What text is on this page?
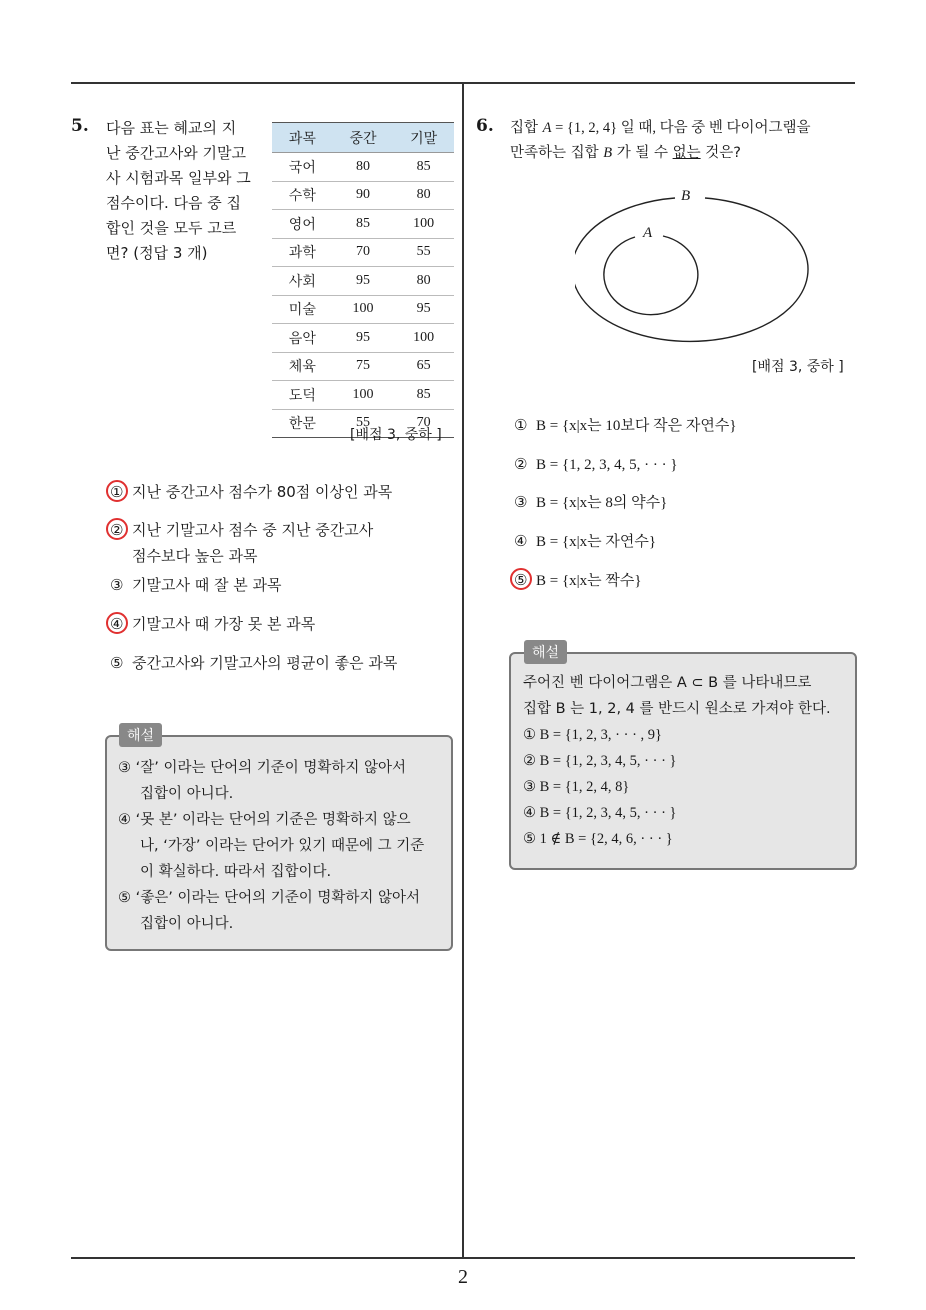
5. 다음 표는 혜교의 지
난 중간고사와 기말고
사 시험과목 일부와 그
점수이다. 다음 중 집
합인 것을 모두 고르
면? (정답 3 개)
과목	중간	기말
국어	80	85
수학	90	80
영어	85	100
과학	70	55
사회	95	80
미술	100	95
음악	95	100
체육	75	65
도덕	100	85
한문	55	70
[배점 3, 중하 ]
① 지난 중간고사 점수가 80점 이상인 과목
② 지난 기말고사 점수 중 지난 중간고사
점수보다 높은 과목
③ 기말고사 때 잘 본 과목
④ 기말고사 때 가장 못 본 과목
⑤ 중간고사와 기말고사의 평균이 좋은 과목
해설
③ ‘잘’ 이라는 단어의 기준이 명확하지 않아서
집합이 아니다.
④ ‘못 본’ 이라는 단어의 기준은 명확하지 않으
나, ‘가장’ 이라는 단어가 있기 때문에 그 기준
이 확실하다. 따라서 집합이다.
⑤ ‘좋은’ 이라는 단어의 기준이 명확하지 않아서
집합이 아니다.
6. 집합 A = {1, 2, 4} 일 때, 다음 중 벤 다이어그램을
만족하는 집합 B 가 될 수 없는 것은?
B
A
[배점 3, 중하 ]
① B = {x|x는 10보다 작은 자연수}
② B = {1, 2, 3, 4, 5, · · · }
③ B = {x|x는 8의 약수}
④ B = {x|x는 자연수}
⑤ B = {x|x는 짝수}
해설
주어진 벤 다이어그램은 A ⊂ B 를 나타내므로
집합 B 는 1, 2, 4 를 반드시 원소로 가져야 한다.
① B = {1, 2, 3, · · · , 9}
② B = {1, 2, 3, 4, 5, · · · }
③ B = {1, 2, 4, 8}
④ B = {1, 2, 3, 4, 5, · · · }
⑤ 1 ∉ B = {2, 4, 6, · · · }
2
